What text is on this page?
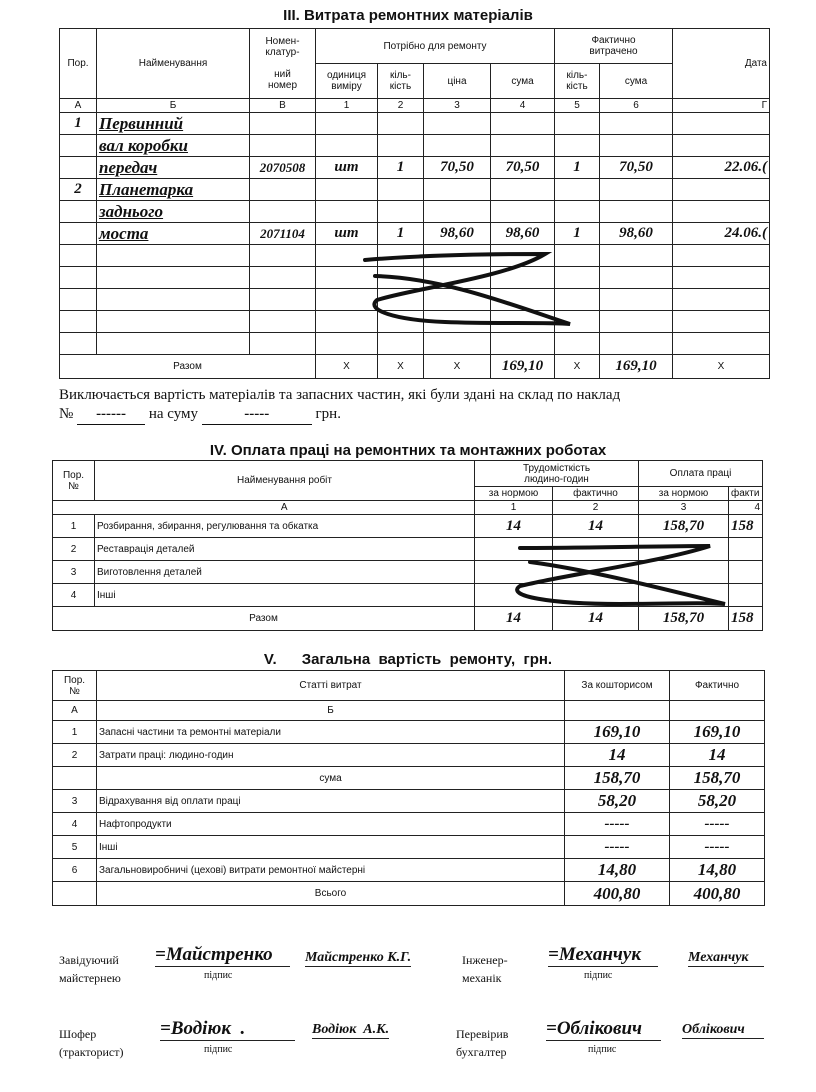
III. Витрата ремонтних матеріалів
Пор.	Найменування	Номен-
клатур-

ний
номер	Потрібно для ремонту				Фактично
витрачено		Дата
			одиниця
виміру	кіль-
кість	ціна	сума	кіль-
кість	сума	
А	Б	В	1	2	3	4	5	6	Г
1	Первинний								
	вал коробки								
	передач	2070508	шт	1	70,50	70,50	1	70,50	22.06.(
2	Планетарка								
	заднього								
	моста	2071104	шт	1	98,60	98,60	1	98,60	24.06.(

Разом			X	X	X	169,10	X	169,10	X
Виключається вартість матеріалів та запасних частин, які були здані на склад по наклад
№ ------ на суму	-----	грн.
IV. Оплата праці на ремонтних та монтажних роботах
Пор.
№	Найменування робіт	Трудомісткість
людино-годин		Оплата праці	
		за нормою	фактично	за нормою	факти
	А	1	2	3	4
1	Розбирання, збирання, регулювання та обкатка	14	14	158,70	158
2	Реставрація деталей				
3	Виготовлення деталей				
4	Інші				
Разом		14	14	158,70	158
V.      Загальна  вартість  ремонту,  грн.
Пор.
№	Статті витрат	За кошторисом	Фактично
А	Б		
1	Запасні частини та ремонтні матеріали	169,10	169,10
2	Затрати праці: людино-годин	14	14
	сума	158,70	158,70
3	Відрахування від оплати праці	58,20	58,20
4	Нафтопродукти	-----	-----
5	Інші	-----	-----
6	Загальновиробничі (цехові) витрати ремонтної майстерні	14,80	14,80
	Всього	400,80	400,80
Завідуючий
майстернею
=Майстренко
підпис
Майстренко К.Г.	Інженер-
механік
=Механчук
підпис
Механчук
Шофер
(тракторист)
=Водіюк  .
підпис
Водіюк  А.К.	Перевірив
бухгалтер
=Облікович
підпис
Облікович
